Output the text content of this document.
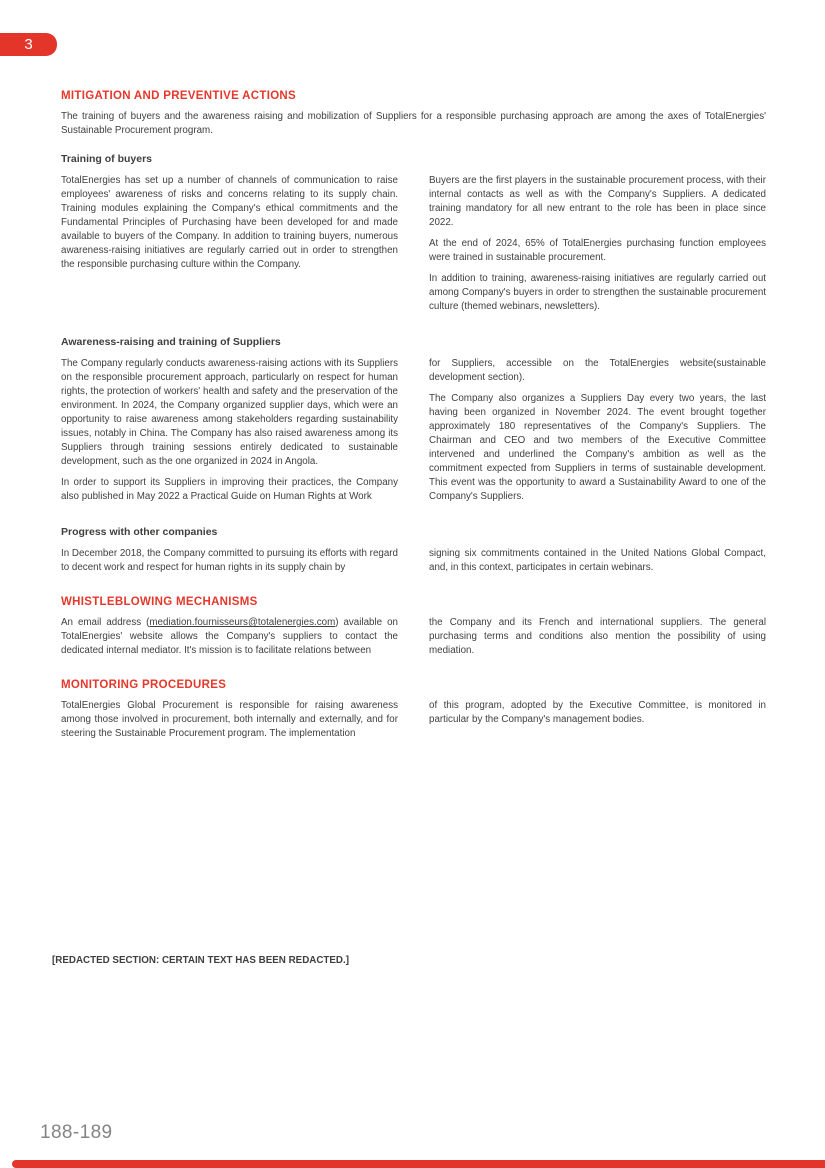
3
MITIGATION AND PREVENTIVE ACTIONS

The training of buyers and the awareness raising and mobilization of Suppliers for a responsible purchasing approach are among the axes of TotalEnergies' Sustainable Procurement program.

Training of buyers

TotalEnergies has set up a number of channels of communication to raise employees' awareness of risks and concerns relating to its supply chain. Training modules explaining the Company's ethical commitments and the Fundamental Principles of Purchasing have been developed for and made available to buyers of the Company. In addition to training buyers, numerous awareness-raising initiatives are regularly carried out in order to strengthen the responsible purchasing culture within the Company.

Buyers are the first players in the sustainable procurement process, with their internal contacts as well as with the Company's Suppliers. A dedicated training mandatory for all new entrant to the role has been in place since 2022.

At the end of 2024, 65% of TotalEnergies purchasing function employees were trained in sustainable procurement.

In addition to training, awareness-raising initiatives are regularly carried out among Company's buyers in order to strengthen the sustainable procurement culture (themed webinars, newsletters).

Awareness-raising and training of Suppliers

The Company regularly conducts awareness-raising actions with its Suppliers on the responsible procurement approach, particularly on respect for human rights, the protection of workers' health and safety and the preservation of the environment. In 2024, the Company organized supplier days, which were an opportunity to raise awareness among stakeholders regarding sustainability issues, notably in China. The Company has also raised awareness among its Suppliers through training sessions entirely dedicated to sustainable development, such as the one organized in 2024 in Angola.

In order to support its Suppliers in improving their practices, the Company also published in May 2022 a Practical Guide on Human Rights at Work

for Suppliers, accessible on the TotalEnergies website(sustainable development section).

The Company also organizes a Suppliers Day every two years, the last having been organized in November 2024. The event brought together approximately 180 representatives of the Company's Suppliers. The Chairman and CEO and two members of the Executive Committee intervened and underlined the Company's ambition as well as the commitment expected from Suppliers in terms of sustainable development. This event was the opportunity to award a Sustainability Award to one of the Company's Suppliers.

Progress with other companies

In December 2018, the Company committed to pursuing its efforts with regard to decent work and respect for human rights in its supply chain by

signing six commitments contained in the United Nations Global Compact, and, in this context, participates in certain webinars.

WHISTLEBLOWING MECHANISMS

An email address (mediation.fournisseurs@totalenergies.com) available on TotalEnergies' website allows the Company's suppliers to contact the dedicated internal mediator. It's mission is to facilitate relations between

the Company and its French and international suppliers. The general purchasing terms and conditions also mention the possibility of using mediation.

MONITORING PROCEDURES

TotalEnergies Global Procurement is responsible for raising awareness among those involved in procurement, both internally and externally, and for steering the Sustainable Procurement program. The implementation

of this program, adopted by the Executive Committee, is monitored in particular by the Company's management bodies.

[REDACTED SECTION: CERTAIN TEXT HAS BEEN REDACTED.]

188-189
